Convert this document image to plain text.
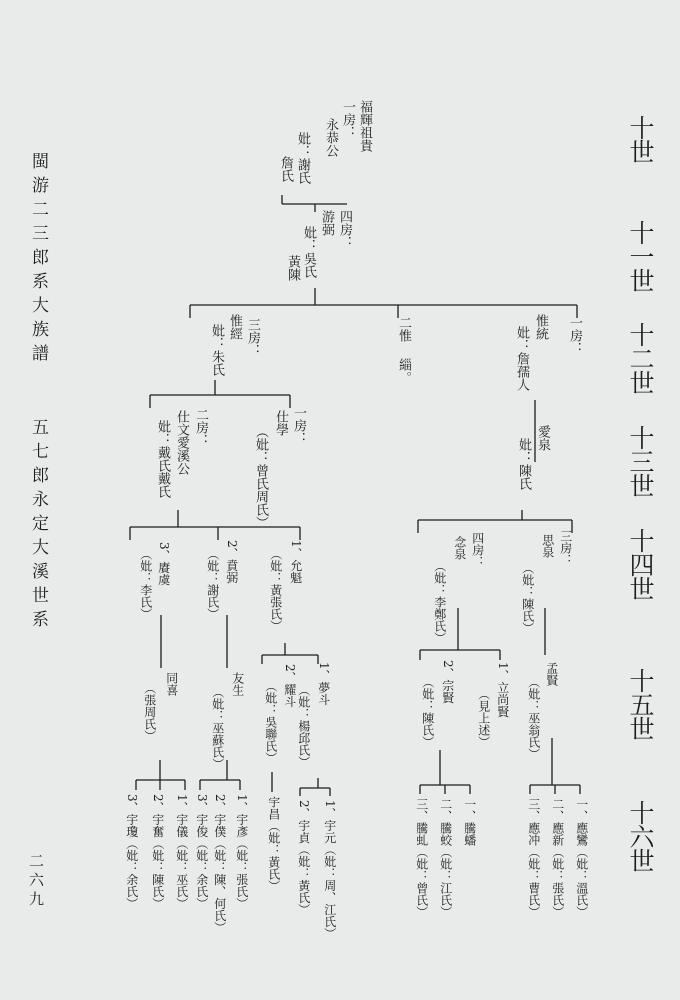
閩游二三郎系大族譜
五七郎永定大溪世系
二六九
十世
十一世
十二世
十三世
十四世
十五世
十六世
福輝祖貴
一房：
永恭公
妣：謝氏
詹氏
四房：
游弼
妣：吳氏
黃陳
三房：
惟經
妣：朱氏	二惟
緇。
一房：
惟統
妣：詹孺人
二房：
仕文愛溪公
妣：戴氏戴氏	一房：
仕學
（妣：曾氏周氏）	愛泉
妣：陳氏
3、賡虞
（妣：李氏）	2、賁弼
（妣：謝氏）	1、允魁
（妣：黃張氏）	四房：
念泉
（妣：李鄭氏）
三房：
思泉
（妣：陳氏）
同喜
（張周氏）	友生
（妣：巫蘇氏）
2、耀斗
（妣：吳聯氏）	1、夢斗
（妣：楊邱氏）
2、宗賢
（妣：陳氏）	1、立尚賢
（見上述）
孟賢
（妣：巫翁氏）
3、宇瓊（妣：余氏） 2、宇奮（妣：陳氏） 1、宇儀（妣：巫氏） 3、宇俊（妣：余氏） 2、宇僕（妣：陳、何氏） 1、宇彥（妣：張氏） 宇昌（妣：黃氏） 2、宇貞（妣：黃氏） 1、宇元（妣：周、江氏）	三、騰虬（妣：曾氏） 二、騰蛟（妣：江氏） 一、騰蟠	三、應冲（妣：曹氏） 二、應新（妣：張氏） 一、應鸞（妣：溫氏）
